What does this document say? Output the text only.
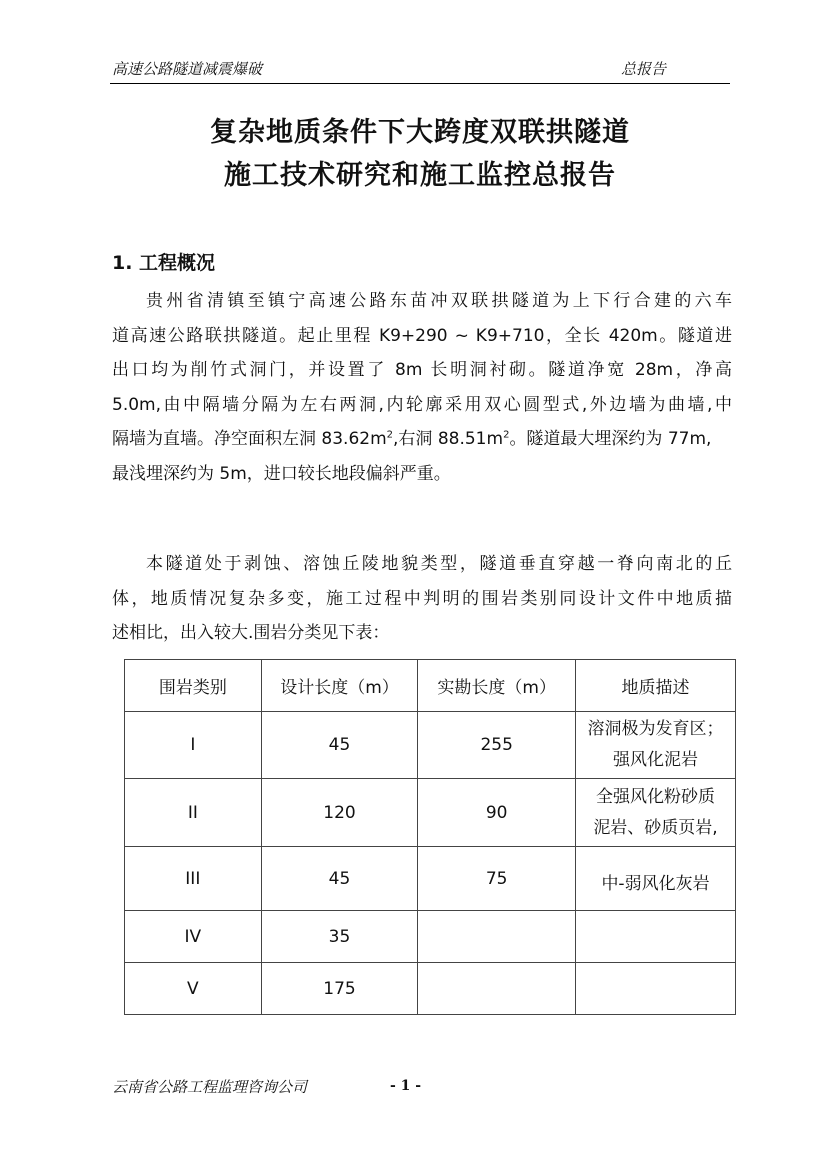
高速公路隧道减震爆破	总报告
复杂地质条件下大跨度双联拱隧道
施工技术研究和施工监控总报告
1. 工程概况
贵州省清镇至镇宁高速公路东苗冲双联拱隧道为上下行合建的六车
道高速公路联拱隧道。起止里程 K9+290 ~ K9+710，全长 420m。隧道进
出口均为削竹式洞门，并设置了 8m 长明洞衬砌。隧道净宽 28m，净高
5.0m,由中隔墙分隔为左右两洞,内轮廓采用双心圆型式,外边墙为曲墙,中
隔墙为直墙。净空面积左洞 $83.62m^2$,右洞 $88.51m^2$。隧道最大埋深约为 77m,
最浅埋深约为 5m，进口较长地段偏斜严重。
本隧道处于剥蚀、溶蚀丘陵地貌类型，隧道垂直穿越一脊向南北的丘
体，地质情况复杂多变，施工过程中判明的围岩类别同设计文件中地质描
述相比，出入较大.围岩分类见下表：
围岩类别	设计长度（m）	实勘长度（m）	地质描述
I	45	255	溶洞极为发育区；
强风化泥岩

II	120	90	全强风化粉砂质
泥岩、砂质页岩,

III	45	75	中-弱风化灰岩

IV	35		
V	175		
云南省公路工程监理咨询公司	- 1 -
